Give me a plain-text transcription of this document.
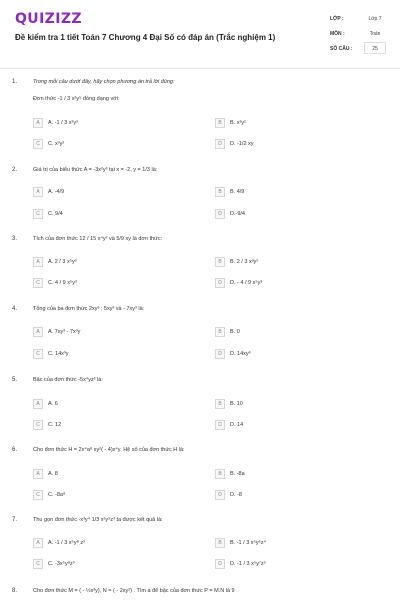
QUIZIZZ
Đề kiểm tra 1 tiết Toán 7 Chương 4 Đại Số có đáp án (Trắc nghiệm 1)
LỚP :	Lớp 7
MÔN :	Toán
SỐ CÂU :	25
1.	Trong mỗi câu dưới đây, hãy chọn phương án trả lời đúng:
Đơn thức -1 / 3 x²y⁵ đồng dạng với:
A	A. -1 / 3 x²y³	B	B. x³y²
C	C. x³y²	D	D. -1/2 xy
2.	Giá trị của biểu thức A = -3x²y³ tại x = -2, y = 1/3 là:
A	A. -4/9	B	B. 4/9
C	C. 9/4	D	D.-9/4
3.	Tích của đơn thức 12 / 15 x⁴y² và 5/9 xy là đơn thức:
A	A. 2 / 3 x⁵y³	B	B. 2 / 3 x³y⁵
C	C. 4 / 9 x⁵y³	D	D. - 4 / 9 x⁵y³
4.	Tổng của ba đơn thức 2xy³ ; 5xy³ và - 7xy³ là:
A	A. 7xy³ - 7x³y	B	B. 0
C	C. 14x³y	D	D. 14xy³
5.	Bậc của đơn thức -5x⁴yz² là:
A	A. 6	B	B. 10
C	C. 12	D	D. 14
6.	Cho đơn thức H = 2x⁴a⁸ xy²( - 4)x⁴y. Hệ số của đơn thức H là:
A	A. 8	B	B. -8a
C	C. -8a⁸	D	D. -8
7.	Thu gọn đơn thức -x³y⁴ 1/3 x²y⁵z³ ta được kết quả là:
A	A. -1 / 3 x⁵y⁸ z³	B	B. -1 / 3 x⁵y⁶z⁴
C	C. -3x⁵y⁸z³	D	D. -1 / 3 x⁵y⁷z³
8.	Cho đơn thức M = ( - ½x³y), N = ( - 2xy²) . Tìm a để bậc của đơn thức P = M.N là 9
